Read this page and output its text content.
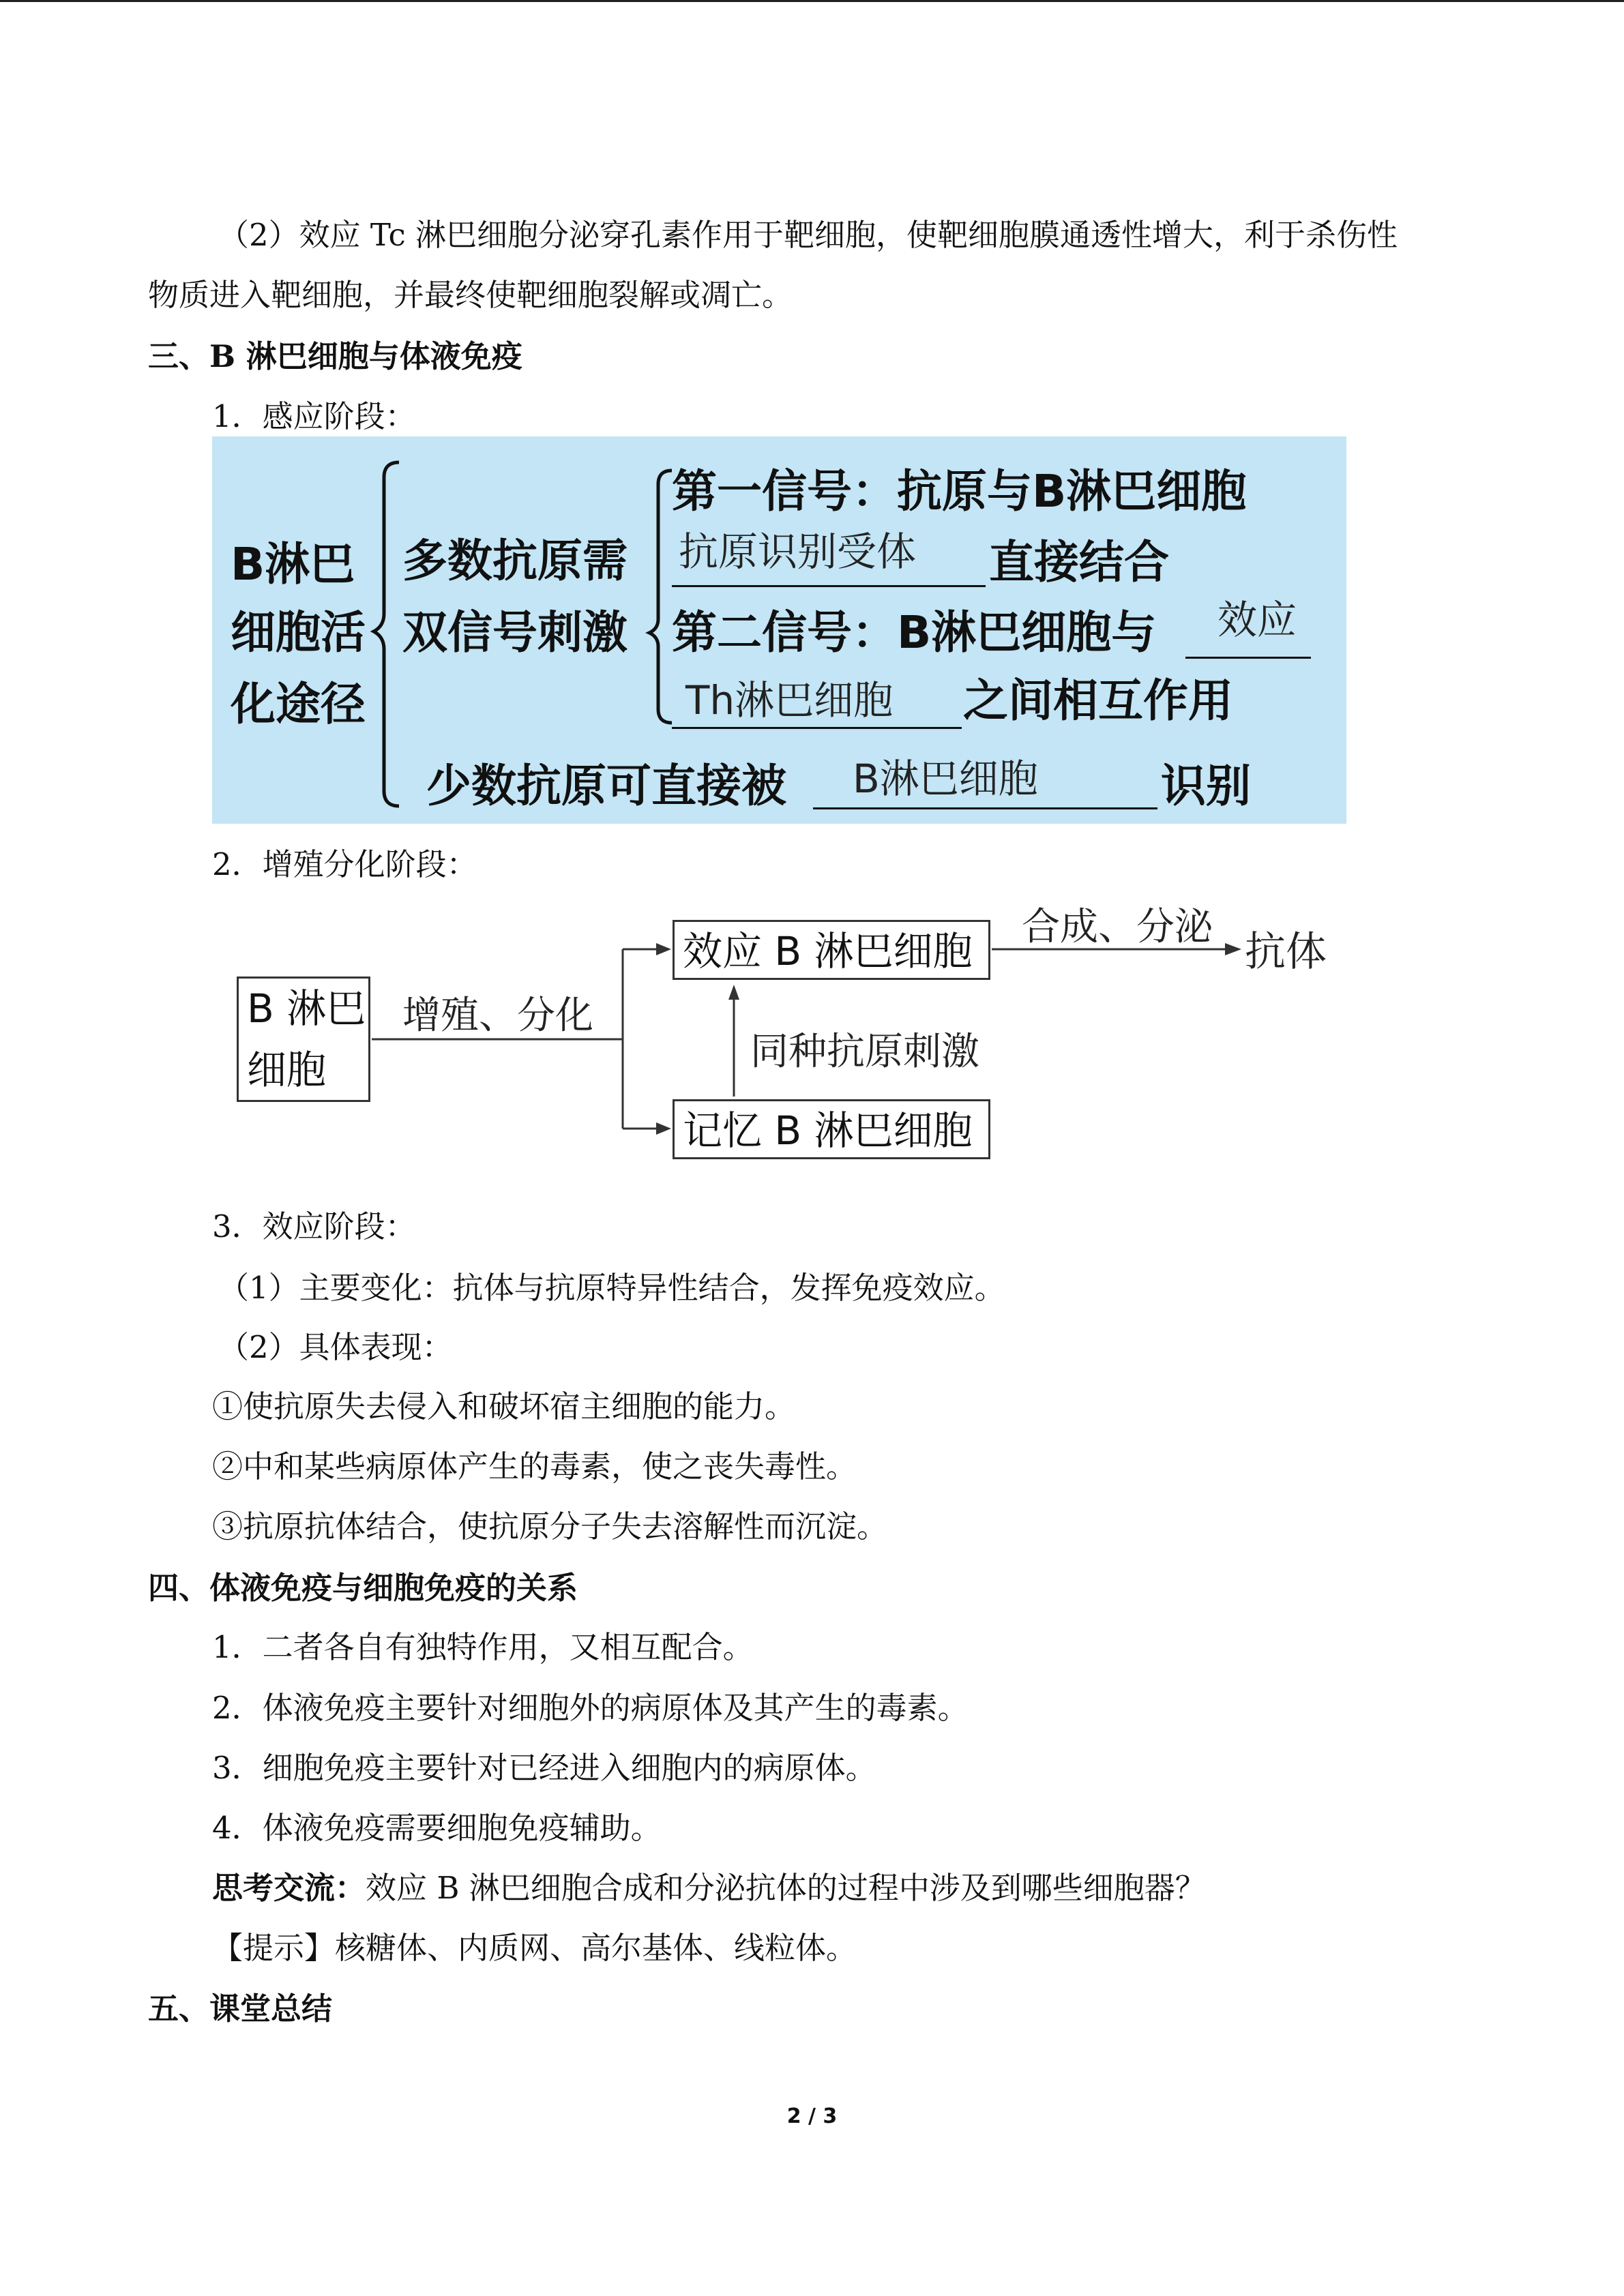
（2）效应 Tc 淋巴细胞分泌穿孔素作用于靶细胞，使靶细胞膜通透性增大，利于杀伤性
物质进入靶细胞，并最终使靶细胞裂解或凋亡。
三、B 淋巴细胞与体液免疫
1．感应阶段：
B淋巴
细胞活
化途径
多数抗原需
双信号刺激
第一信号：抗原与B淋巴细胞
抗原识别受体 直接结合
第二信号：B淋巴细胞与 效应
Th淋巴细胞 之间相互作用
少数抗原可直接被 B淋巴细胞	识别
2．增殖分化阶段：
B 淋巴
细胞
增殖、分化
效应 B 淋巴细胞
记忆 B 淋巴细胞
同种抗原刺激
合成、分泌
抗体
3．效应阶段：
（1）主要变化：抗体与抗原特异性结合，发挥免疫效应。
（2）具体表现：
①使抗原失去侵入和破坏宿主细胞的能力。
②中和某些病原体产生的毒素，使之丧失毒性。
③抗原抗体结合，使抗原分子失去溶解性而沉淀。
四、体液免疫与细胞免疫的关系
1．二者各自有独特作用，又相互配合。
2．体液免疫主要针对细胞外的病原体及其产生的毒素。
3．细胞免疫主要针对已经进入细胞内的病原体。
4．体液免疫需要细胞免疫辅助。
思考交流：效应 B 淋巴细胞合成和分泌抗体的过程中涉及到哪些细胞器？
【提示】核糖体、内质网、高尔基体、线粒体。
五、课堂总结
2 / 3
